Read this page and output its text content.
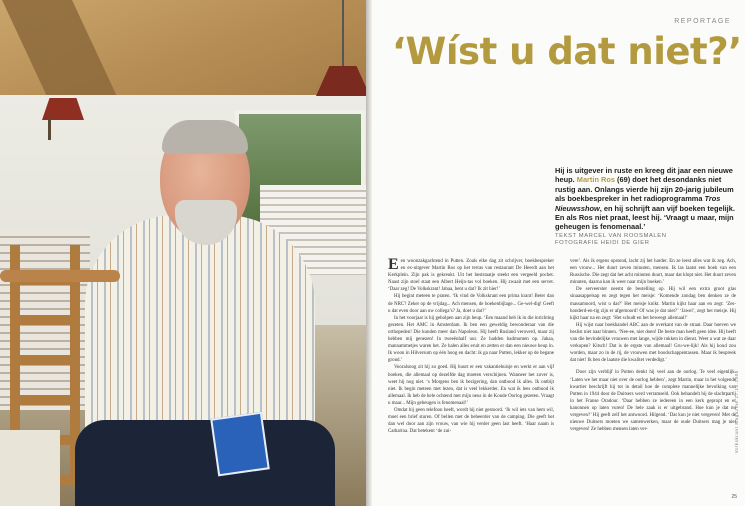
REPORTAGE
‘Wíst u dat niet?’

Hij is uitgever in ruste en kreeg dit jaar een nieuwe heup. Martin Ros (69) doet het desondanks niet rustig aan. Onlangs vierde hij zijn 20-jarig jubileum als boekbespreker in het radioprogramma Tros Nieuwsshow, en hij schrijft aan vijf boeken tegelijk. En als Ros niet praat, leest hij. ‘Vraagt u maar, mijn geheugen is fenomenaal.’

TEKST MARCEL VAN ROOSMALEN
FOTOGRAFIE HEIDI DE GIER
E en woonzakgachtend in Putten. Zoals elke dag zit schrijver, boekbespreker en ex-uitgever Martin Ros op het terras van restaurant De Heerdt aan het Kerkplein. Zijn pak is gekreukt. Uit het beststaatje steekt een vergeeld pochet. Naast zijn stoel staat een Albert Heijn-tas vol boeken. Hij zwaait met een servet. ‘Daar zeg! De Volkskrant! Jahaa, bent u dat? Ik zit hier!’

Hij begint meteen te praten. ‘Ik vind de Volkskrant een prima krant! Beter dan de NRC? Zeker op de vrijdag... Ach mensen, de boekenbijlage... Ge-wel-dig! Geeft u dat even door aan uw collega’s? Ja, doet u dat?’

In het voorjaar is hij geholpen aan zijn heup. ‘Een maand heb ik in die inrichting gezeten. Het AMC in Amsterdam. Ik ben een geweldig bewonderaar van die orthopeden! Die kunden meer dan Napoleon. Hij heeft Rusland veroverd, maar zij hebben mij genezen! In tweeënhalf uur. Ze hadden hadmomen op. Jahaa, mannammetjes waren het. Ze halen alles eruit en zetten er dan een nieuwe heup in. Ik woon in Hilversum op één hoog en dacht: ik ga naar Putten, lekker op de begane grond.’

Vooralsnog zit hij zo goed. Hij huurt er een vakantiehuisje en werkt er aan vijf boeken, die allemaal op dezelfde dag moeten verschijnen. Wanneer het zover is, weet hij nog niet. ‘s Morgens ben ik bezigering, dan ontbood ik alles. Ik ontbijt niet. Ik begin meteen met lezen, dat is veel lekkerder. En wat ik lees ontbood ik allemaal. Ik heb de hele ochtend met mijn neus in de Koude Oorlog gezeten. Vraagt u maar... Mijn geheugen is fenomenaal!’

Omdat hij geen telefoon heeft, wordt hij niet gestoord. ‘Ik wil iets van hem wil, moet een brief sturen. Of bellen met de beheerder van de camping. Die geeft het dan wel door aan zijn vrouw, van wie hij verder geen last heeft. ‘Haar naam is Catharina. Dat betekent ‘de zui-

vere’. Als ik ergens opstond, lacht zij het harder. En ze leest alles wat ik zeg. Ach, een vrouw... Het duurt zeven minuten, mensen. Ik las laatst een boek van een Russische. Die zegt dat het acht minuten duurt, maar dat klopt niet. Het duurt zeven minuten, daarna kan ik weer naar mijn boeken.’

De serveerster neemt de bestelling op. Hij wil een extra groot glas sinaasappelsap en zegt tegen het meisje: ‘Komende zondag ben denken ze de massamoord, wist u dat?’ Het meisje knikt. Martin kijkt haar aan en zegt: ‘Zes-honderd-en-tig zijn er afgemoord! Of was je dat niet?’ ‘Jawel’, zegt het meisje. Hij kijkt haar na en zegt: ‘Het schudt en het beweegt allemaal!’

Hij wijst naar boekhandel ABC aan de overkant van de straat. Daar hoeven we beslist niet naar binnen. ‘Nee-ee, niet doen! De beste man heeft geen idee. Hij heeft van die bevindelijke vrouwen met lange, wijde rokken in dienst. Weet u wat ze daar verkopen? Kitsch! Dat is de ergste van allemaal! Gru-we-lijk! Als hij koud zou worden, maar zo in de rij, de vrouwen met boodschappentassen. Maar ik bespreek dat niet! Ik ben de laatste die kwalitet verdedigt.’

Door zijn verblijf in Putten denkt hij veel aan de oorlog. Te veel eigenlijk. ‘Laten we het maar niet over de oorlog hebben’, zegt Martin, maar in het volgende kwartier beschrijft hij tot in detail hoe de complete mannelijke bevolking van Putten in 1944 door de Duitsers werd verramseld. Ook behandelt hij de slachtpartij in het Franse Oradour. ‘Daar hebben ze iedereen in een kerk gepropt en er kanonnen op laten vuren! De hele zaak is er uitgebrand. Hoe kun je dat nu vergeven?’ Hij geeft zelf het antwoord. Hilgend. ‘Dat kun je niet vergeven! Met de nieuwe Duitsers moeten we samenwerken, maar de oude Duitsers mag je niet vergeven! Ze hebben mensen laten ver-	Volkskrant Magazine 27.10.2006
25
